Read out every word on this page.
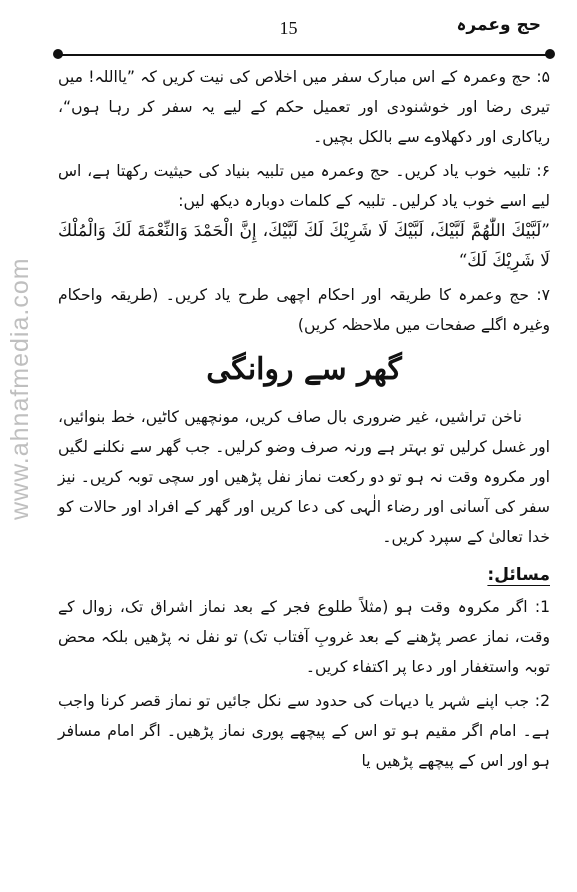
حج وعمرہ
15
www.ahnafmedia.com

۵: حج وعمرہ کے اس مبارک سفر میں اخلاص کی نیت کریں کہ ”یااللہ! میں تیری رضا اور خوشنودی اور تعمیل حکم کے لیے یہ سفر کر رہا ہوں“، ریاکاری اور دکھلاوے سے بالکل بچیں۔

۶: تلبیہ خوب یاد کریں۔ حج وعمرہ میں تلبیہ بنیاد کی حیثیت رکھتا ہے، اس لیے اسے خوب یاد کرلیں۔ تلبیہ کے کلمات دوبارہ دیکھ لیں:

”لَبَّیْكَ اللّٰھُمَّ لَبَّیْكَ، لَبَّیْكَ لَا شَرِیْكَ لَكَ لَبَّیْكَ، إِنَّ الْحَمْدَ وَالنِّعْمَةَ لَكَ وَالْمُلْكَ لَا شَرِیْكَ لَكَ“

۷: حج وعمرہ کا طریقہ اور احکام اچھی طرح یاد کریں۔ (طریقہ واحکام وغیرہ اگلے صفحات میں ملاحظہ کریں)

گھر سے روانگی

ناخن تراشیں، غیر ضروری بال صاف کریں، مونچھیں کاٹیں، خط بنوائیں، اور غسل کرلیں تو بہتر ہے ورنہ صرف وضو کرلیں۔ جب گھر سے نکلنے لگیں اور مکروہ وقت نہ ہو تو دو رکعت نماز نفل پڑھیں اور سچی توبہ کریں۔ نیز سفر کی آسانی اور رضاء الٰہی کی دعا کریں اور گھر کے افراد اور حالات کو خدا تعالیٰ کے سپرد کریں۔

مسائل:

1: اگر مکروہ وقت ہو (مثلاً طلوع فجر کے بعد نماز اشراق تک، زوال کے وقت، نماز عصر پڑھنے کے بعد غروبِ آفتاب تک) تو نفل نہ پڑھیں بلکہ محض توبہ واستغفار اور دعا پر اکتفاء کریں۔

2: جب اپنے شہر یا دیہات کی حدود سے نکل جائیں تو نماز قصر کرنا واجب ہے۔ امام اگر مقیم ہو تو اس کے پیچھے پوری نماز پڑھیں۔ اگر امام مسافر ہو اور اس کے پیچھے پڑھیں یا
